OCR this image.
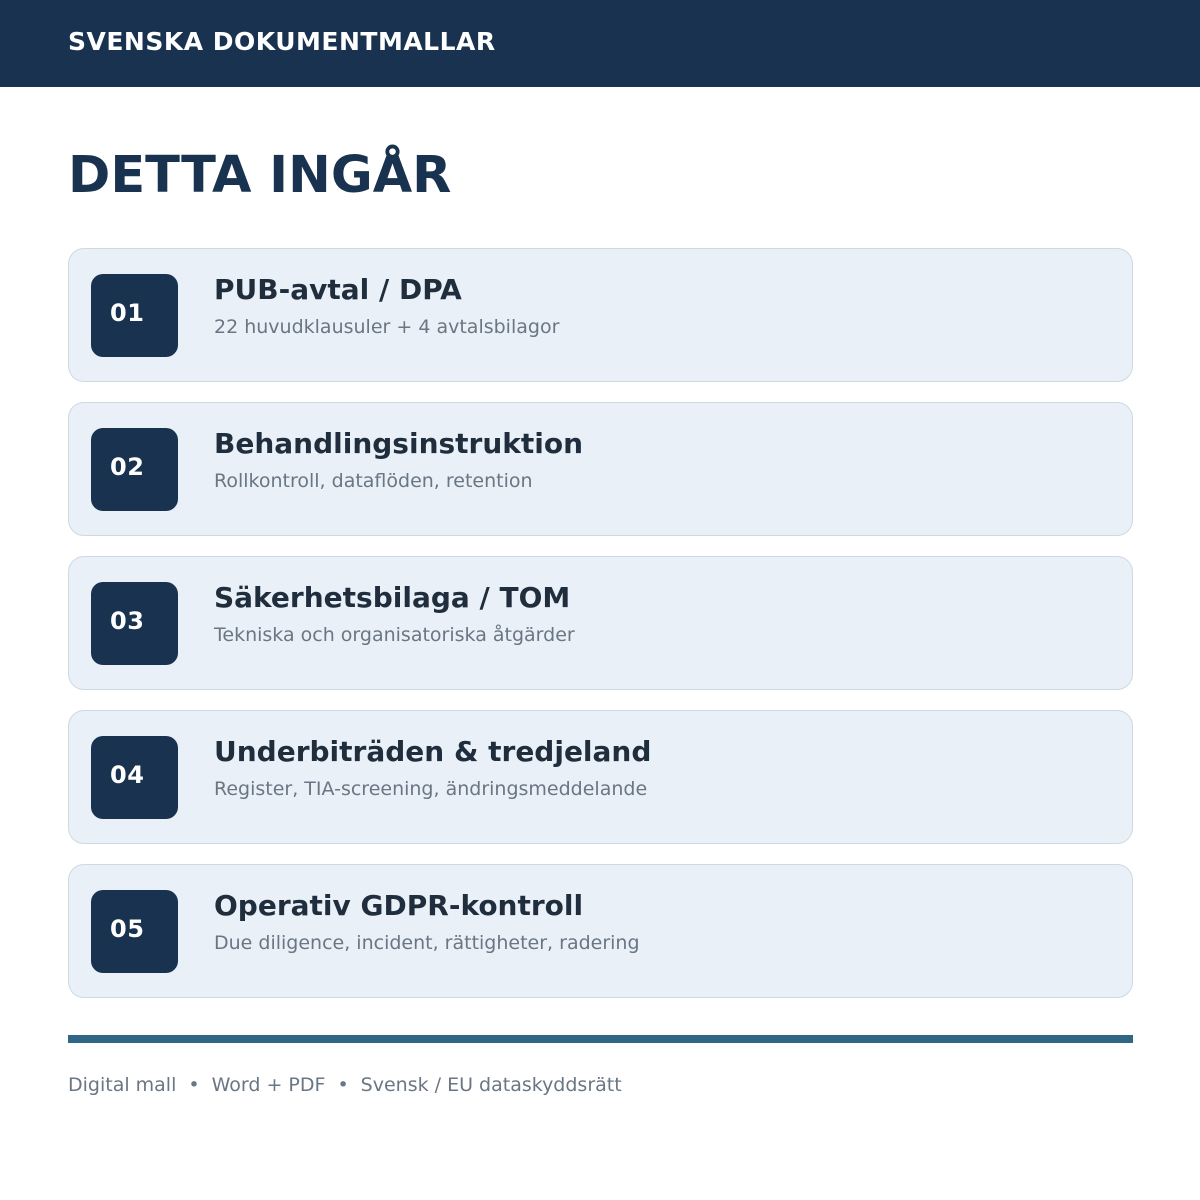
SVENSKA DOKUMENTMALLAR
DETTA INGÅR
01
PUB-avtal / DPA
22 huvudklausuler + 4 avtalsbilagor
02
Behandlingsinstruktion
Rollkontroll, dataflöden, retention
03
Säkerhetsbilaga / TOM
Tekniska och organisatoriska åtgärder
04
Underbiträden & tredjeland
Register, TIA-screening, ändringsmeddelande
05
Operativ GDPR-kontroll
Due diligence, incident, rättigheter, radering
Digital mall • Word + PDF • Svensk / EU dataskyddsrätt
